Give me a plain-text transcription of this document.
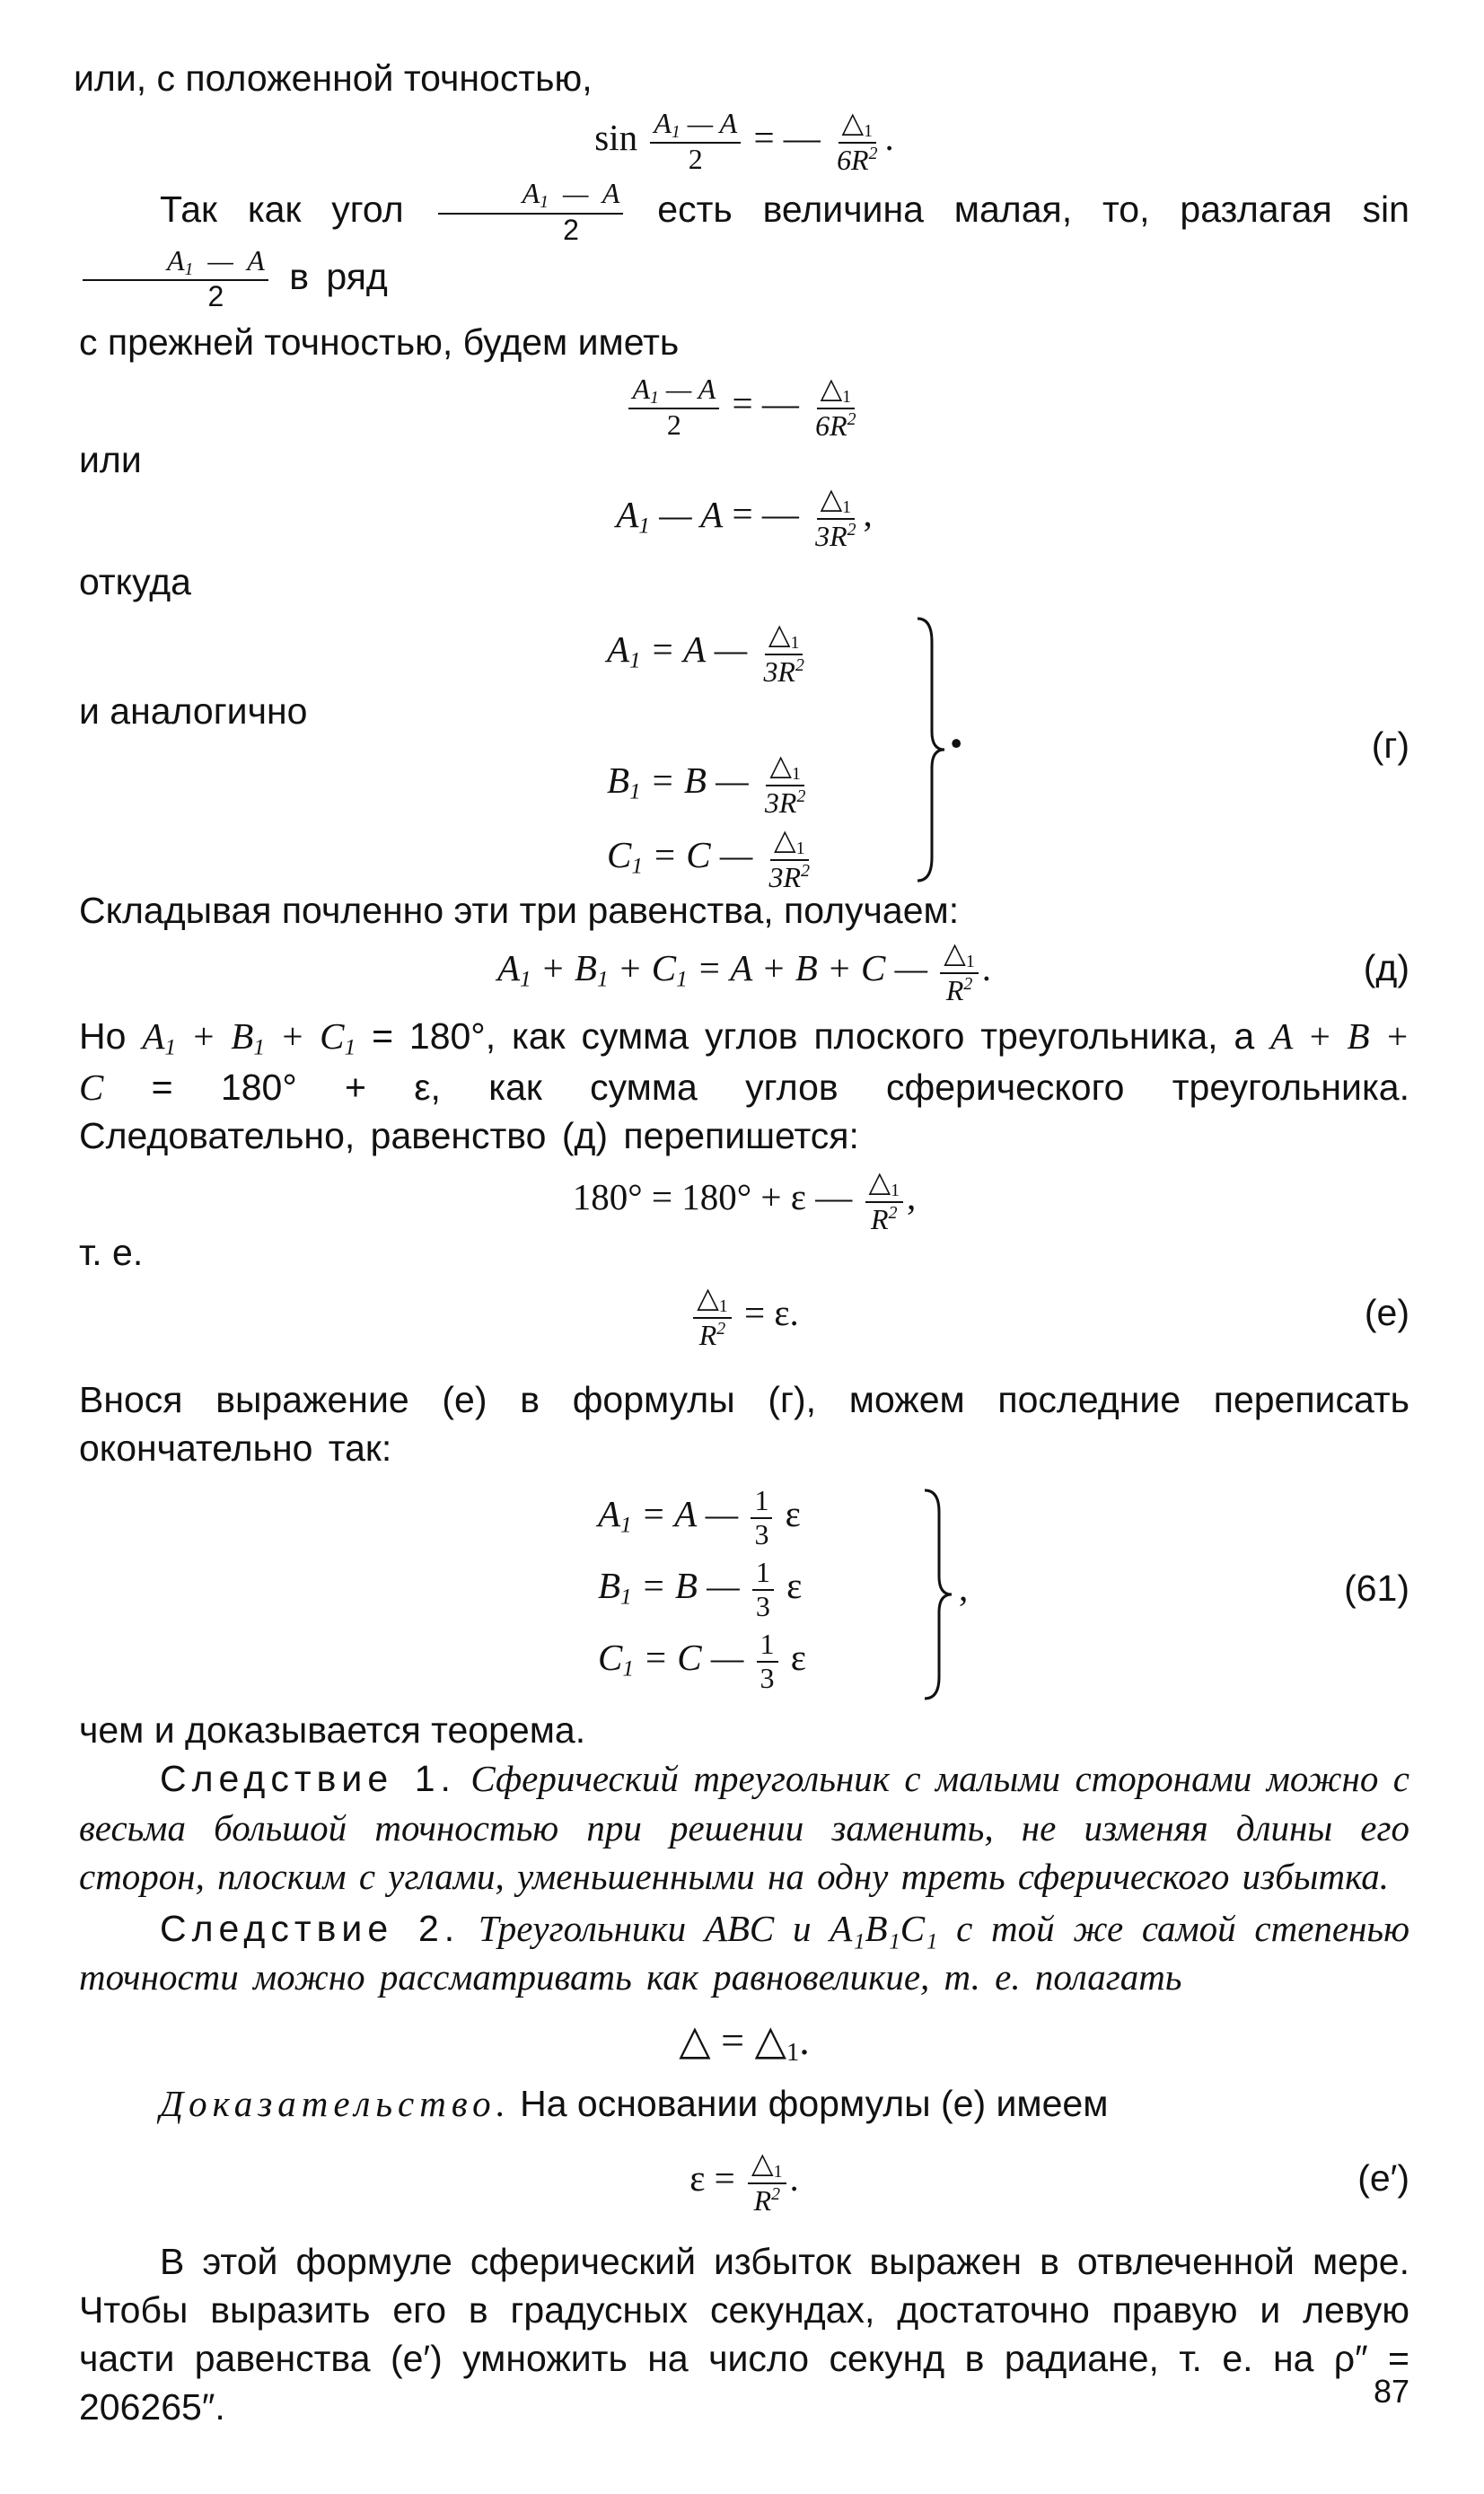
или, с положенной точностью,

$\sin \frac{A_1 — A}{2}$ = — $\frac{\triangle_1}{6R^2}$ .

Так как угол $\frac{A_1 — A}{2}$ есть величина малая, то, разлагая sin
$\frac{A_1 — A}{2}$ в ряд

с прежней точностью, будем иметь

$\frac{A_1 — A}{2}$ = — $\frac{\triangle_1}{6R^2}$

или

$A_1$ — A = — $\frac{\triangle_1}{3R^2}$ ,

откуда

и аналогично

$A_1 = A$ — $\frac{\triangle_1}{3R^2}$
$B_1 = B$ — $\frac{\triangle_1}{3R^2}$
$C_1 = C$ — $\frac{\triangle_1}{3R^2}$
•	(г)

Складывая почленно эти три равенства, получаем:

$A_1 + B_1 + C_1 = A + B + C$ — $\frac{\triangle_1}{R^2}$ .	(д)

Но $A_1 + B_1 + C_1 = 180^\circ$, как сумма углов плоского треугольника, а A + B + C = 180° + ε, как сумма углов сферического треугольника. Следовательно, равенство (д) перепишется:

180° = 180° + ε — $\frac{\triangle_1}{R^2}$ ,

т. е.

$\frac{\triangle_1}{R^2} = \varepsilon$.	(е)

Внося выражение (е) в формулы (г), можем последние переписать окончательно так:

$A_1 = A$ — $\frac{1}{3}$ ε
$B_1 = B$ — $\frac{1}{3}$ ε
$C_1 = C$ — $\frac{1}{3}$ ε
,	(61)

чем и доказывается теорема.

Следствие 1. Сферический треугольник с малыми сторонами можно с весьма большой точностью при решении заменить, не изменяя длины его сторон, плоским с углами, уменьшенными на одну треть сферического избытка.

Следствие 2. Треугольники ABC и A₁B₁C₁ с той же самой степенью точности можно рассматривать как равновеликие, т. е. полагать

△ = $\triangle_1$.

Доказательство. На основании формулы (е) имеем

$\varepsilon = \frac{\triangle_1}{R^2}$ .	(е′)

В этой формуле сферический избыток выражен в отвлеченной мере. Чтобы выразить его в градусных секундах, достаточно правую и левую части равенства (е′) умножить на число секунд в радиане, т. е. на ρ″ = 206265″.	87
